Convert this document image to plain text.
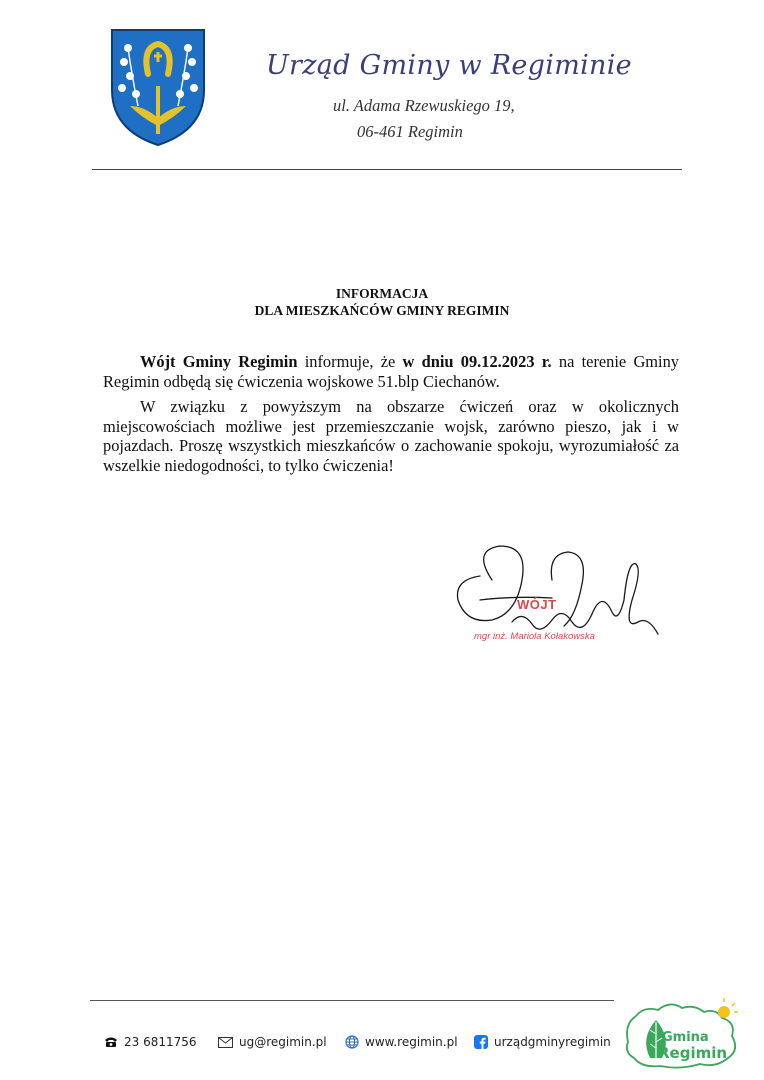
Urząd Gminy w Regiminie
ul. Adama Rzewuskiego 19,
06-461 Regimin
INFORMACJA
DLA MIESZKAŃCÓW GMINY REGIMIN

Wójt Gminy Regimin informuje, że w dniu 09.12.2023 r. na terenie Gminy Regimin odbędą się ćwiczenia wojskowe 51.blp Ciechanów.

W związku z powyższym na obszarze ćwiczeń oraz w okolicznych miejscowościach możliwe jest przemieszczanie wojsk, zarówno pieszo, jak i w pojazdach. Proszę wszystkich mieszkańców o zachowanie spokoju, wyrozumiałość za wszelkie niedogodności, to tylko ćwiczenia!

WÓJT
mgr inż. Mariola Kołakowska
23 6811756	ug@regimin.pl	www.regimin.pl	urządgminyregimin	Gmina
Regimin
